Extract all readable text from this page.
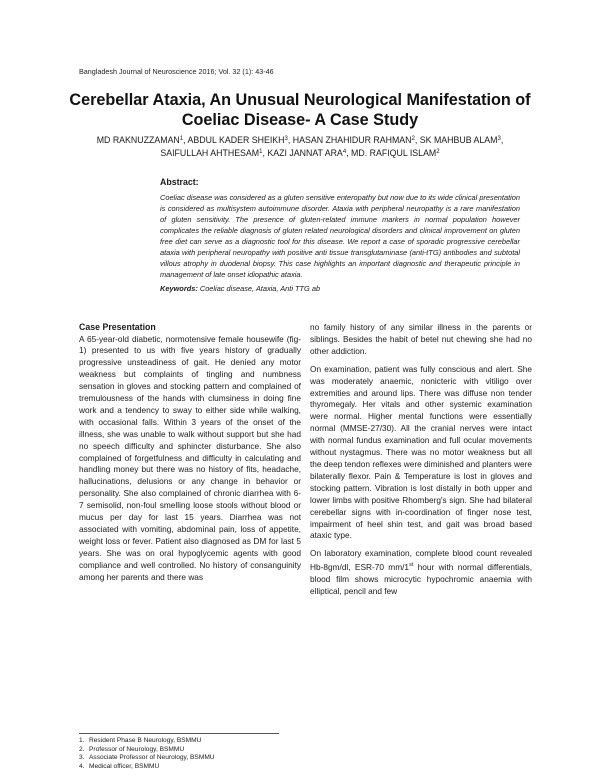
Bangladesh Journal of Neuroscience 2016; Vol. 32 (1): 43-46
Cerebellar Ataxia, An Unusual Neurological Manifestation of Coeliac Disease- A Case Study
MD RAKNUZZAMAN$^1$, ABDUL KADER SHEIKH$^3$, HASAN ZHAHIDUR RAHMAN$^2$, SK MAHBUB ALAM$^3$,
SAIFULLAH AHTHESAM$^1$, KAZI JANNAT ARA$^4$, MD. RAFIQUL ISLAM$^2$
Abstract:
Coeliac disease was considered as a gluten sensitive enteropathy but now due to its wide clinical presentation is considered as multisystem autoimmune disorder. Ataxia with peripheral neuropathy is a rare manifestation of gluten sensitivity. The presence of gluten-related immune markers in normal population however complicates the reliable diagnosis of gluten related neurological disorders and clinical improvement on gluten free diet can serve as a diagnostic tool for this disease. We report a case of sporadic progressive cerebellar ataxia with peripheral neuropathy with positive anti tissue transglutaminase (anti-tTG) antibodies and subtotal villous atrophy in duodenal biopsy. This case highlights an important diagnostic and therapeutic principle in management of late onset idiopathic ataxia.
Keywords: Coeliac disease, Ataxia, Anti TTG ab
Case Presentation

A 65-year-old diabetic, normotensive female housewife (fig-1) presented to us with five years history of gradually progressive unsteadiness of gait. He denied any motor weakness but complaints of tingling and numbness sensation in gloves and stocking pattern and complained of tremulousness of the hands with clumsiness in doing fine work and a tendency to sway to either side while walking, with occasional falls. Within 3 years of the onset of the illness, she was unable to walk without support but she had no speech difficulty and sphincter disturbance. She also complained of forgetfulness and difficulty in calculating and handling money but there was no history of fits, headache, hallucinations, delusions or any change in behavior or personality. She also complained of chronic diarrhea with 6-7 semisolid, non-foul smelling loose stools without blood or mucus per day for last 15 years. Diarrhea was not associated with vomiting, abdominal pain, loss of appetite, weight loss or fever. Patient also diagnosed as DM for last 5 years. She was on oral hypoglycemic agents with good compliance and well controlled. No history of consanguinity among her parents and there was

no family history of any similar illness in the parents or siblings. Besides the habit of betel nut chewing she had no other addiction.

On examination, patient was fully conscious and alert. She was moderately anaemic, nonicteric with vitiligo over extremities and around lips. There was diffuse non tender thyromegaly. Her vitals and other systemic examination were normal. Higher mental functions were essentially normal (MMSE-27/30). All the cranial nerves were intact with normal fundus examination and full ocular movements without nystagmus. There was no motor weakness but all the deep tendon reflexes were diminished and planters were bilaterally flexor. Pain & Temperature is lost in gloves and stocking pattern. Vibration is lost distally in both upper and lower limbs with positive Rhomberg's sign. She had bilateral cerebellar signs with in-coordination of finger nose test, impairment of heel shin test, and gait was broad based ataxic type.

On laboratory examination, complete blood count revealed Hb-8gm/dl, ESR-70 mm/1st hour with normal differentials, blood film shows microcytic hypochromic anaemia with elliptical, pencil and few

1. Resident Phase B Neurology, BSMMU
2. Professor of Neurology, BSMMU
3. Associate Professor of Neurology, BSMMU
4. Medical officer, BSMMU
